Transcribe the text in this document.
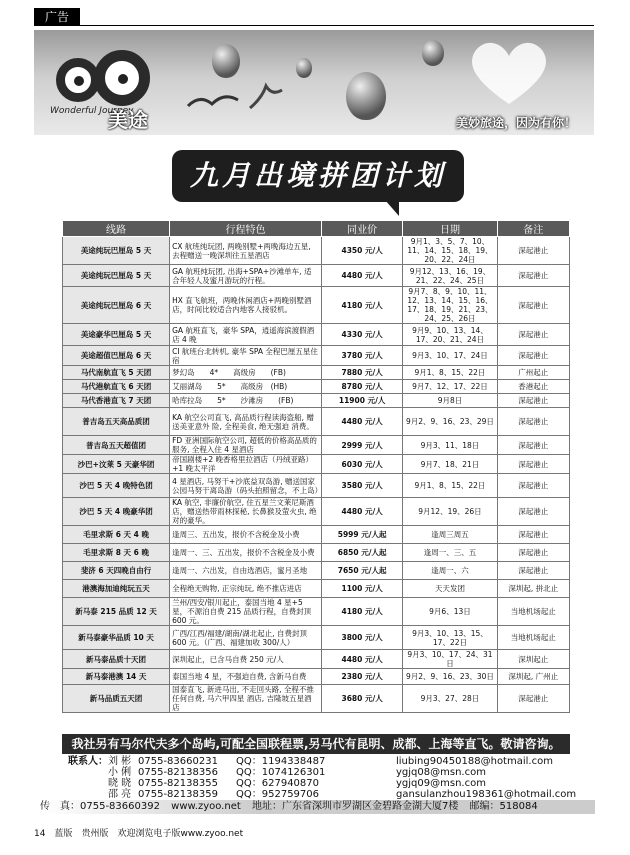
广告
Wonderful Journey
美途	美妙旅途，因为有你！
九月出境拼团计划
线路	行程特色	同业价	日期	备注
美途纯玩巴厘岛 5 天	CX 航班纯玩团, 两晚别墅+两晚海边五星, 去程赠送一晚深圳往五星酒店	4350 元/人	9月1、3、5、7、10、11、14、15、18、19、20、22、24日	深起港止
美途纯玩巴厘岛 5 天	GA 航班纯玩团, 出海+SPA+沙滩单车, 适合年轻人及蜜月游玩的行程。	4480 元/人	9月12、13、16、19、21、22、24、25日	深起港止
美途纯玩巴厘岛 6 天	HX 直飞航班，两晚休闲酒店+两晚别墅酒店，时间比较适合内地客人接驳机。	4180 元/人	9月7、8、9、10、11、12、13、14、15、16、17、18、19、21、23、24、25、26日	深起港止
美途豪华巴厘岛 5 天	GA 航班直飞，豪华 SPA，逍遥海滨渡假酒店 4 晚	4330 元/人	9月9、10、13、14、17、20、21、24日	深起港止
美途超值巴厘岛 6 天	CI 航班台北转机, 豪华 SPA 全程巴厘五星住宿	3780 元/人	9月3、10、17、24日	深起港止
马代南航直飞 5 天团	梦幻岛　　4*　　高级房　　(FB)	7880 元/人	9月1、8、15、22日	广州起止
马代港航直飞 6 天团	艾丽湖岛　　5*　　高级房　(HB)	8780 元/人	9月7、12、17、22日	香港起止
马代香港直飞 7 天团	哈库拉岛　　5*　　沙滩房　　(FB)	11900 元/人	9月8日	深起港止
普吉岛五天高品质团	KA 航空公司直飞, 高品质行程读海盗船, 赠送美亚意外 险, 全程美食, 绝无强迫 消费。	4480 元/人	9月2、9、16、23、29日	深起港止
普吉岛五天超值团	FD 亚洲国际航空公司, 超低的价格高品质的服务, 全程入住 4 星酒店	2999 元/人	9月3、11、18日	深起港止
沙巴+汶莱 5 天豪华团	帝国剧楼+2 晚香格里拉酒店（丹绒亚路）+1 晚太平洋	6030 元/人	9月7、18、21日	深起港止
沙巴 5 天 4 晚特色团	4 星酒店, 马努干+沙底益双岛游, 赠送国家公园马努干离岛游（码头拍照留念，不上岛）	3580 元/人	9月1、8、15、22日	深起港止
沙巴 5 天 4 晚豪华团	KA 航空, 非廉价航空, 住五星兰文莱尼斯酒店，赠送热带雨林探秘, 长鼻猴及萤火虫, 绝对的豪华。	4480 元/人	9月12、19、26日	深起港止
毛里求斯 6 天 4 晚	逢周三、五出发，报价不含税金及小费	5999 元/人起	逢周三周五	深起港止
毛里求斯 8 天 6 晚	逢周一、三、五出发，报价不含税金及小费	6850 元/人起	逢周一、三、五	深起港止
斐济 6 天四晚自由行	逢周一、六出发，自由选酒店，蜜月圣地	7650 元/人起	逢周一、六	深起港止
港澳海加迪纯玩五天	全程绝无购物, 正宗纯玩, 绝不推店进店	1100 元/人	天天发团	深圳起, 拼北止
新马泰 215 品质 12 天	兰州/西安/银川起止，泰国当地 4 星+5 星，不源泊自费 215 品质行程，自费封顶 600 元。	4180 元/人	9月6、13日	当地机场起止
新马泰豪华品质 10 天	广西/江西/福建/湖南/湖北起止, 自费封顶 600 元。（广西、福建加收 300/人）	3800 元/人	9月3、10、13、15、17、22日	当地机场起止
新马泰品质十天团	深圳起止，已含马自费 250 元/人	4480 元/人	9月3、10、17、24、31日	深圳起止
新马泰港澳 14 天	泰国当地 4 星，不强迫自费, 含新马自费	2380 元/人	9月2、9、16、23、30日	深圳起, 广州止
新马品质五天团	国泰直飞, 新进马出, 不走回头路, 全程不推任何自费, 马六甲四星 酒店, 吉隆坡五星酒店	3680 元/人	9月3、27、28日	深起港止
我社另有马尔代夫多个岛屿,可配全国联程票,另马代有昆明、成都、上海等直飞。敬请咨询。
联系人： 刘 彬 0755-83660231	QQ：1194338487	liubing90450188@hotmail.com
小 俐 0755-82138356	QQ：1074126301	ygjq08@msn.com
晓 晓 0755-82138355	QQ：627940870	ygjq09@msn.com
邵 亮 0755-82138359	QQ：952759706	gansulanzhou198361@hotmail.com
传　真：0755-83660392 www.zyoo.net 地址：广东省深圳市罗湖区金碧路金湖大厦7楼 邮编：518084
14　蓝版　贵州版　欢迎浏览电子版www.zyoo.net
